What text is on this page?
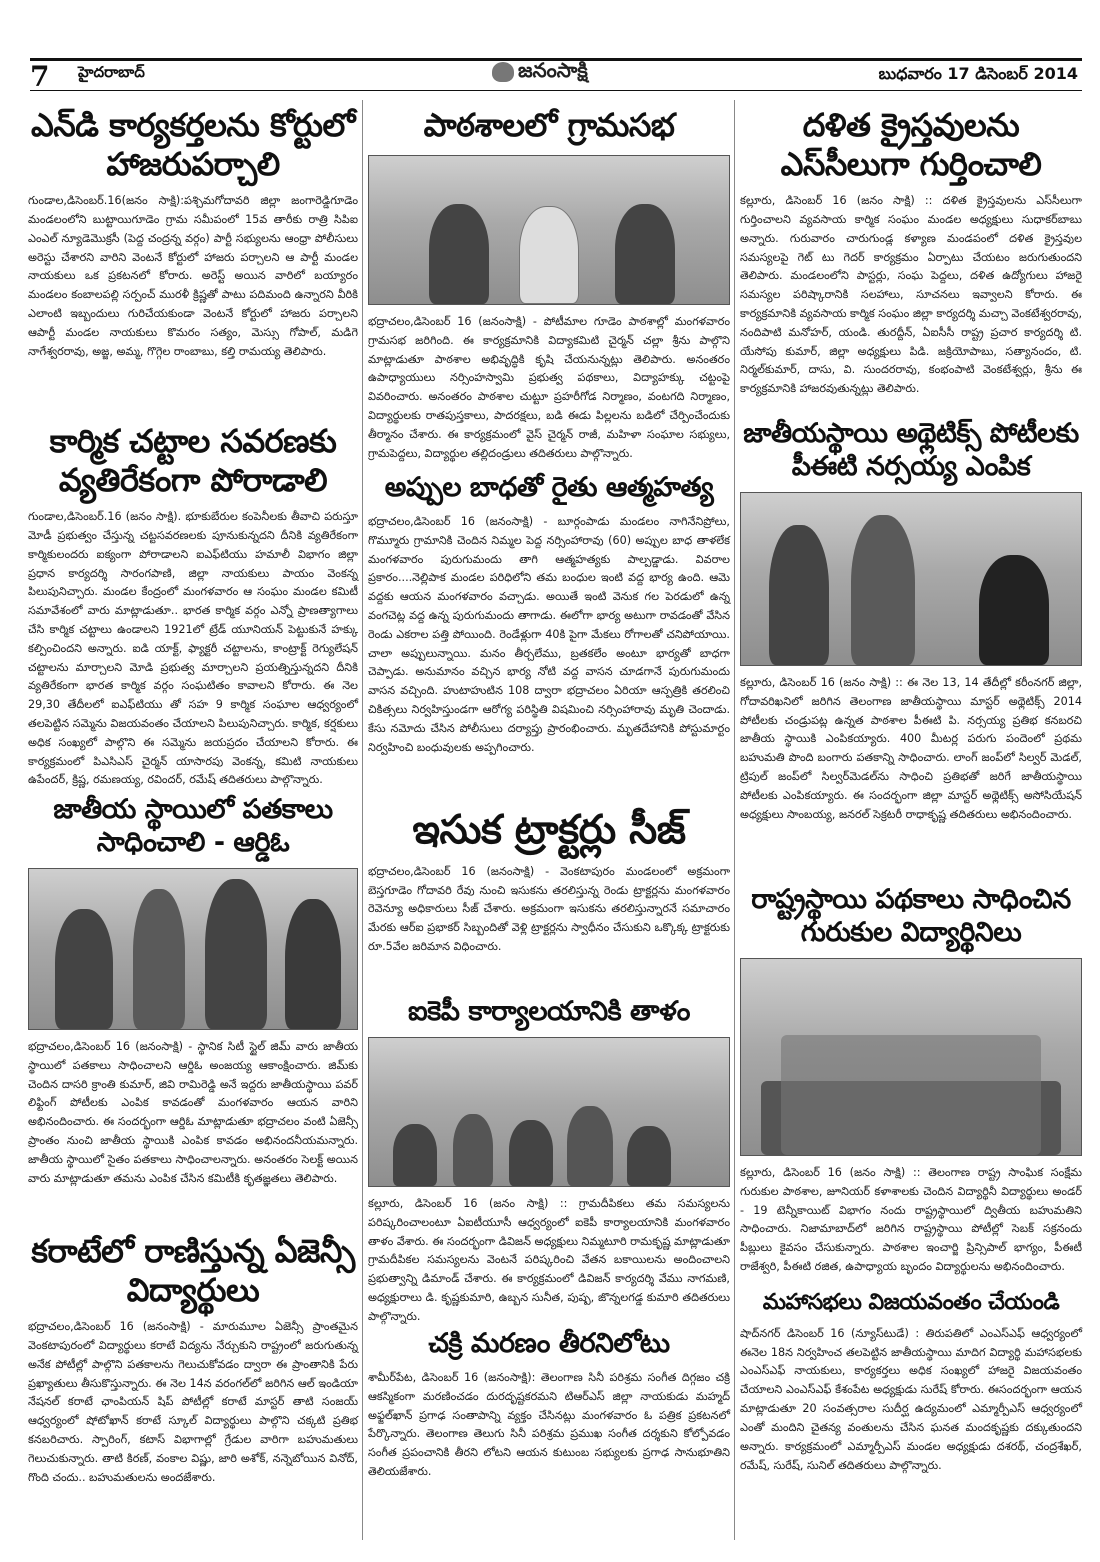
7 హైదరాబాద్	జనంసాక్షి	బుధవారం 17 డిసెంబర్ 2014
ఎన్‌డి కార్యకర్తలను కోర్టులో హాజరుపర్చాలి

గుండాల,డిసెంబర్.16(జనం సాక్షి):పశ్చిమగోదావరి జిల్లా జంగారెడ్డిగూడెం మండలంలోని బుట్టాయిగూడెం గ్రామ సమీపంలో 15వ తారీకు రాత్రి సిపిఐ ఎంఎల్ న్యూడెమొక్రసీ (పెద్ద చంద్రన్న వర్గం) పార్టీ సభ్యులను ఆంధ్రా పోలీసులు అరెస్టు చేశారని వారిని వెంటనే కోర్టులో హాజరు పర్చాలని ఆ పార్టీ మండల నాయకులు ఒక ప్రకటనలో కోరారు. అరెస్ట్ అయిన వారిలో బయ్యారం మండలం కంబాలపల్లి సర్పంచ్ మురళీ క్రిష్ణతో పాటు పదిమంది ఉన్నారని వీరికి ఎలాంటి ఇబ్బందులు గురిచేయకుండా వెంటనే కోర్టులో హాజరు పర్చాలని ఆపార్టీ మండల నాయకులు కొమరం సత్యం, మెస్సు గోపాల్, మడిగె నాగేశ్వరరావు, అజ్జ, అమ్మ, గొగ్గెల రాంబాబు, కల్తి రామయ్య తెలిపారు.

కార్మిక చట్టాల సవరణకు వ్యతిరేకంగా పోరాడాలి

గుండాల,డిసెంబర్.16 (జనం సాక్షి). భూకుబేరుల కంపెనీలకు తీవాచి పరుస్తూ మోడీ ప్రభుత్వం చేస్తున్న చట్టసవరణలకు పూనుకున్నదని దీనికి వ్యతిరేకంగా కార్మికులందరు ఐక్యంగా పోరాడాలని ఐఎఫ్‌టియు హమాలీ విభాగం జిల్లా ప్రధాన కార్యదర్శి సారంగపాణి, జిల్లా నాయకులు పాయం వెంకన్న పిలుపునిచ్చారు. మండల కేంద్రంలో మంగళవారం ఆ సంఘం మండల కమిటీ సమావేశంలో వారు మాట్లాడుతూ.. భారత కార్మిక వర్గం ఎన్నో ప్రాణత్యాగాలు చేసి కార్మిక చట్టాలు ఉండాలని 1921లో ట్రేడ్ యూనియన్ పెట్టుకునే హక్కు కల్పించిందని అన్నారు. ఐడి యాక్ట్, ఫ్యాక్టరీ చట్టాలను, కాంట్రాక్ట్ రెగ్యులేషన్ చట్టాలను మార్చాలని మోడి ప్రభుత్వ మార్చాలని ప్రయత్నిస్తున్నదని దీనికి వ్యతిరేకంగా భారత కార్మిక వర్గం సంఘటితం కావాలని కోరారు. ఈ నెల 29,30 తేదీలలో ఐఎఫ్‌టియు తో సహ 9 కార్మిక సంఘాల ఆధ్వర్యంలో తలపెట్టిన సమ్మెను విజయవంతం చేయాలని పిలుపునిచ్చారు. కార్మిక, కర్షకులు అధిక సంఖ్యలో పాల్గొని ఈ సమ్మెను జయప్రదం చేయాలని కోరారు. ఈ కార్యక్రమంలో పిఎసిఎస్ చైర్మన్ యాసారపు వెంకన్న, కమిటి నాయకులు ఉపేందర్, క్రిష్ణ, రమణయ్య, రవిందర్, రమేష్ తదితరులు పాల్గొన్నారు.

జాతీయ స్థాయిలో పతకాలు సాధించాలి - ఆర్డిఓ

భద్రాచలం,డిసెంబర్ 16 (జనంసాక్షి) - స్థానిక సిటీ స్టైల్ జిమ్ వారు జాతీయ స్థాయిలో పతకాలు సాధించాలని ఆర్డిఓ అంజయ్య ఆకాంక్షించారు. జిమ్‌కు చెందిన దాసరి క్రాంతి కుమార్, జివి రామిరెడ్డి అనే ఇద్దరు జాతీయస్థాయి పవర్ లిఫ్టింగ్ పోటీలకు ఎంపిక కావడంతో మంగళవారం ఆయన వారిని అభినందించారు. ఈ సందర్భంగా ఆర్డిఓ మాట్లాడుతూ భద్రాచలం వంటి ఏజెన్సీ ప్రాంతం నుంచి జాతీయ స్థాయికి ఎంపిక కావడం అభినందనీయమన్నారు. జాతీయ స్థాయిలో సైతం పతకాలు సాధించాలన్నారు. అనంతరం సెలక్ట్ అయిన వారు మాట్లాడుతూ తమను ఎంపిక చేసిన కమిటీకి కృతజ్ఞతలు తెలిపారు.

కరాటేలో రాణిస్తున్న ఏజెన్సీ విద్యార్థులు

భద్రాచలం,డిసెంబర్ 16 (జనంసాక్షి) - మారుమూల ఏజెన్సీ ప్రాంతమైన వెంకటాపురంలో విద్యార్థులు కరాటే విద్యను నేర్చుకుని రాష్ట్రంలో జరుగుతున్న అనేక పోటీల్లో పాల్గొని పతకాలను గెలుచుకోవడం ద్వారా ఈ ప్రాంతానికి పేరు ప్రఖ్యాతులు తీసుకొస్తున్నారు. ఈ నెల 14న వరంగల్‌లో జరిగిన ఆల్ ఇండియా నేషనల్ కరాటే ఛాంపియన్ షిప్ పోటీల్లో కరాటే మాస్టర్ తాటి సంజయ్ ఆధ్వర్యంలో షోటోఖాన్ కరాటే స్కూల్ విద్యార్థులు పాల్గొని చక్కటి ప్రతిభ కనబరిచారు. స్పారింగ్, కటాస్ విభాగాల్లో గ్రేడుల వారిగా బహుమతులు గెలుచుకున్నారు. తాటి కిరణ్, వంకాల విష్ణు, జారి అశోక్, నన్నెబోయిన వినోద్, గొంది చందు.. బహుమతులను అందజేశారు.

పాఠశాలలో గ్రామసభ

భద్రాచలం,డిసెంబర్ 16 (జనంసాక్షి) - పోటీమాల గూడెం పాఠశాల్లో మంగళవారం గ్రామసభ జరిగింది. ఈ కార్యక్రమానికి విద్యాకమిటి చైర్మన్ చల్లా శ్రీను పాల్గొని మాట్లాడుతూ పాఠశాల అభివృద్ధికి కృషి చేయనున్నట్లు తెలిపారు. అనంతరం ఉపాధ్యాయులు నర్సింహస్వామి ప్రభుత్వ పథకాలు, విద్యాహక్కు చట్టంపై వివరించారు. అనంతరం పాఠశాల చుట్టూ ప్రహరీగోడ నిర్మాణం, వంటగది నిర్మాణం, విద్యార్థులకు రాతపుస్తకాలు, పాదరక్షలు, బడి ఈడు పిల్లలను బడిలో చేర్పించేందుకు తీర్మానం చేశారు. ఈ కార్యక్రమంలో వైస్ చైర్మన్ రాజీ, మహిళా సంఘాల సభ్యులు, గ్రామపెద్దలు, విద్యార్థుల తల్లిదండ్రులు తదితరులు పాల్గొన్నారు.

అప్పుల బాధతో రైతు ఆత్మహత్య

భద్రాచలం,డిసెంబర్ 16 (జనంసాక్షి) - బూర్గంపాడు మండలం నాగినేనిప్రోలు, గొమ్మూరు గ్రామానికి చెందిన నిమ్మల పెద్ద నర్సింహారావు (60) అప్పుల బాధ తాళలేక మంగళవారం పురుగుమందు తాగి ఆత్మహత్యకు పాల్పడ్డాడు. వివరాల ప్రకారం....నెల్లిపాక మండల పరిధిలోని తమ బంధుల ఇంటి వద్ద భార్య ఉంది. ఆమె వద్దకు ఆయన మంగళవారం వచ్చాడు. అయితే ఇంటి వెనుక గల పెరడులో ఉన్న వంగచెట్ల వద్ద ఉన్న పురుగుమందు తాగాడు. ఈలోగా భార్య అటుగా రావడంతో వేసిన రెండు ఎకరాల పత్తి పోయింది. రెండేళ్లుగా 40కి పైగా మేకలు రోగాలతో చనిపోయాయి. చాలా అప్పులున్నాయి. మనం తీర్చలేము, బ్రతకలేం అంటూ భార్యతో బాధగా చెప్పాడు. అనుమానం వచ్చిన భార్య నోటి వద్ద వాసన చూడగానే పురుగుమందు వాసన వచ్చింది. హుటాహుటిన 108 ద్వారా భద్రాచలం ఏరియా ఆస్పత్రికి తరలించి చికిత్సలు నిర్వహిస్తుండగా ఆరోగ్య పరిస్థితి విషమించి నర్సింహారావు మృతి చెందాడు. కేసు నమోదు చేసిన పోలీసులు దర్యాప్తు ప్రారంభించారు. మృతదేహానికి పోస్టుమార్టం నిర్వహించి బంధువులకు అప్పగించారు.

ఇసుక ట్రాక్టర్లు సీజ్

భద్రాచలం,డిసెంబర్ 16 (జనంసాక్షి) - వెంకటాపురం మండలంలో అక్రమంగా బెస్తగూడెం గోదావరి రేవు నుంచి ఇసుకను తరలిస్తున్న రెండు ట్రాక్టర్లను మంగళవారం రెవెన్యూ అధికారులు సీజ్ చేశారు. అక్రమంగా ఇసుకను తరలిస్తున్నారనే సమాచారం మేరకు ఆర్‌ఐ ప్రభాకర్ సిబ్బందితో వెళ్లి ట్రాక్టర్లను స్వాధీనం చేసుకుని ఒక్కొక్క ట్రాక్టరుకు రూ.5వేల జరిమాన విధించారు.

ఐకెపీ కార్యాలయానికి తాళం

కల్లూరు, డిసెంబర్ 16 (జనం సాక్షి) :: గ్రామదీపికలు తమ సమస్యలను పరిష్కరించాలంటూ ఏఐటీయూసీ ఆధ్వర్యంలో ఐకెపీ కార్యాలయానికి మంగళవారం తాళం వేశారు. ఈ సందర్భంగా డివిజన్ అధ్యక్షులు నిమ్మటూరి రామకృష్ణ మాట్లాడుతూ గ్రామదీపికల సమస్యలను వెంటనే పరిష్కరించి వేతన బకాయిలను అందించాలని ప్రభుత్వాన్ని డిమాండ్ చేశారు. ఈ కార్యక్రమంలో డివిజన్ కార్యదర్శి వేము నాగమణి, అధ్యక్షురాలు డి. కృష్ణకుమారి, ఉబ్బన సునీత, పుష్ప, జొన్నలగడ్డ కుమారి తదితరులు పాల్గొన్నారు.

చక్రి మరణం తీరనిలోటు

శామీర్‌పేట, డిసెంబర్ 16 (జనంసాక్షి): తెలంగాణ సినీ పరిశ్రమ సంగీత దిగ్గజం చక్రి ఆకస్మికంగా మరణించడం దురదృష్టకరమని టిఆర్ఎస్ జిల్లా నాయకుడు మహ్మద్ అఫ్జల్‌ఖాన్ ప్రగాఢ సంతాపాన్ని వ్యక్తం చేసినట్లు మంగళవారం ఓ పత్రిక ప్రకటనలో పేర్కొన్నారు. తెలంగాణ తెలుగు సినీ పరిశ్రమ ప్రముఖ సంగీత దర్శకుని కోల్పోవడం సంగీత ప్రపంచానికి తీరని లోటని ఆయన కుటుంబ సభ్యులకు ప్రగాఢ సానుభూతిని తెలియజేశారు.

దళిత క్రైస్తవులను ఎస్‌సీలుగా గుర్తించాలి

కల్లూరు, డిసెంబర్ 16 (జనం సాక్షి) :: దళిత క్రైస్తవులను ఎస్‌సీలుగా గుర్తించాలని వ్యవసాయ కార్మిక సంఘం మండల అధ్యక్షులు సుధాకర్‌బాబు అన్నారు. గురువారం చారుగుండ్ల కళ్యాణ మండపంలో దళిత క్రైస్తవుల సమస్యలపై గెట్ టు గెదర్ కార్యక్రమం ఏర్పాటు చేయటం జరుగుతుందని తెలిపారు. మండలంలోని పాస్టర్లు, సంఘ పెద్దలు, దళిత ఉద్యోగులు హాజరై సమస్యల పరిష్కారానికి సలహాలు, సూచనలు ఇవ్వాలని కోరారు. ఈ కార్యక్రమానికి వ్యవసాయ కార్మిక సంఘం జిల్లా కార్యదర్శి మచ్చా వెంకటేశ్వరరావు, నందిపాటి మనోహర్, యండి. తురద్దీన్, ఏఐసీసీ రాష్ట్ర ప్రచార కార్యదర్శి టి. యేసోపు కుమార్, జిల్లా అధ్యక్షులు పిడి. జక్రియోపాబు, సత్యానందం, టి. నిర్మల్‌కుమార్, దాసు, వి. సుందరరావు, కంభంపాటి వెంకటేశ్వర్లు, శ్రీను ఈ కార్యక్రమానికి హాజరవుతున్నట్లు తెలిపారు.

జాతీయస్థాయి అథ్లెటిక్స్ పోటీలకు పీఈటి నర్సయ్య ఎంపిక

కల్లూరు, డిసెంబర్ 16 (జనం సాక్షి) :: ఈ నెల 13, 14 తేదీల్లో కరీంనగర్ జిల్లా, గోదావరిఖనిలో జరిగిన తెలంగాణ జాతీయస్థాయి మాస్టర్ అథ్లెటిక్స్ 2014 పోటీలకు చండ్రుపట్ల ఉన్నత పాఠశాల పీఈటి పి. నర్సయ్య ప్రతిభ కనబరచి జాతీయ స్థాయికి ఎంపికయ్యారు. 400 మీటర్ల పరుగు పందెంలో ప్రథమ బహుమతి పొంది బంగారు పతకాన్ని సాధించారు. లాంగ్ జంప్‌లో సిల్వర్ మెడల్, ట్రిపుల్ జంప్‌లో సిల్వర్‌మెడల్‌ను సాధించి ప్రతిభతో జరిగే జాతీయస్థాయి పోటీలకు ఎంపికయ్యారు. ఈ సందర్భంగా జిల్లా మాస్టర్ అథ్లెటిక్స్ అసోసియేషన్ అధ్యక్షులు సాంబయ్య, జనరల్ సెక్రటరీ రాధాకృష్ణ తదితరులు అభినందించారు.

రాష్ట్రస్థాయి పథకాలు సాధించిన గురుకుల విద్యార్థినిలు

కల్లూరు, డిసెంబర్ 16 (జనం సాక్షి) :: తెలంగాణ రాష్ట్ర సాంఘిక సంక్షేమ గురుకుల పాఠశాల, జూనియర్ కళాశాలకు చెందిన విద్యార్థినీ విద్యార్థులు అండర్ - 19 టెన్నీకాయిట్ విభాగం నందు రాష్ట్రస్థాయిలో ద్వితీయ బహుమతిని సాధించారు. నిజామాబాద్‌లో జరిగిన రాష్ట్రస్థాయి పోటీల్లో సెబక్ సక్రనందు పీబ్లులు కైవసం చేసుకున్నారు. పాఠశాల ఇంచార్జి ప్రిన్సిపాల్ భాగ్యం, పీఈటీ రాజేశ్వరి, పీఈటి రజిత, ఉపాధ్యాయ బృందం విద్యార్థులను అభినందించారు.

మహాసభలు విజయవంతం చేయండి

షాద్‌నగర్ డిసెంబర్ 16 (న్యూస్‌టుడే) : తిరుపతిలో ఎంఎస్ఎఫ్ ఆధ్వర్యంలో ఈనెల 18న నిర్వహించ తలపెట్టిన జాతీయస్థాయి మాదిగ విద్యార్థి మహాసభలకు ఎంఎస్ఎఫ్ నాయకులు, కార్యకర్తలు అధిక సంఖ్యలో హాజరై విజయవంతం చేయాలని ఎంఎస్ఎఫ్ కేశంపేట అధ్యక్షుడు సురేష్ కోరారు. ఈసందర్భంగా ఆయన మాట్లాడుతూ 20 సంవత్సరాల సుదీర్ఘ ఉద్యమంలో ఎమ్మార్పీఎస్ ఆధ్వర్యంలో ఎంతో మందిని చైతన్య వంతులను చేసిన ఘనత మందకృష్ణకు దక్కుతుందని అన్నారు. కార్యక్రమంలో ఎమ్మార్పీఎస్ మండల అధ్యక్షుడు దశరథ్, చంద్రశేఖర్, రమేష్, సురేష్, సునిల్ తదితరులు పాల్గొన్నారు.
